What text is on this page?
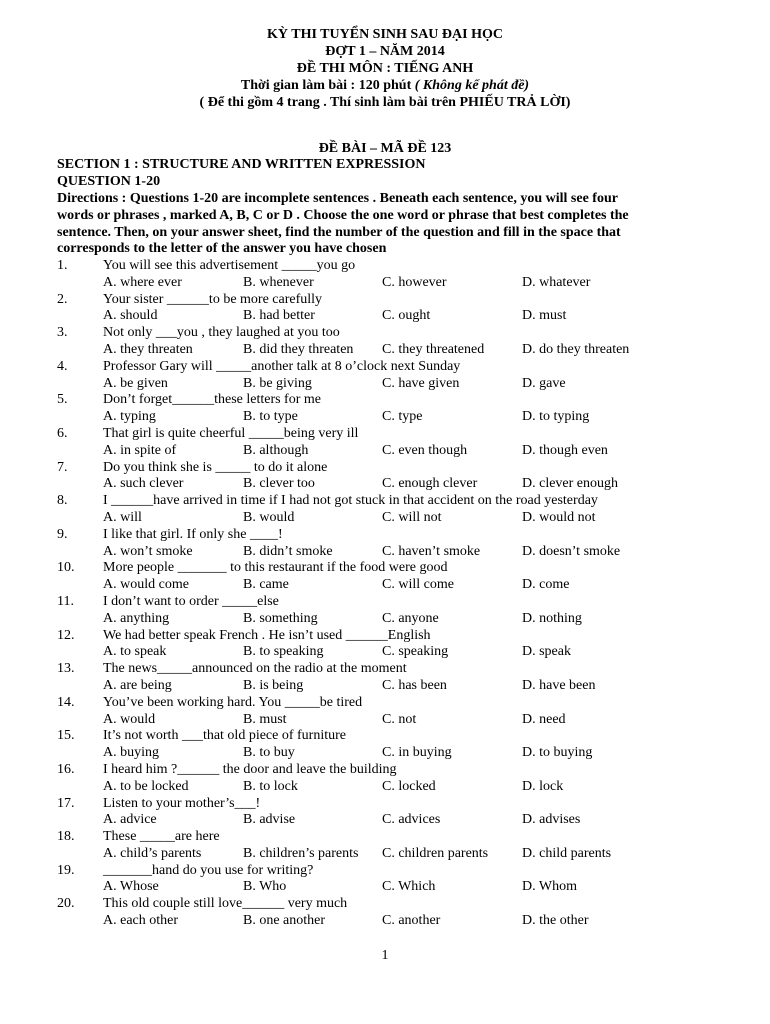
KỲ THI TUYỂN SINH SAU ĐẠI HỌC
ĐỢT 1 – NĂM 2014
ĐỀ THI MÔN : TIẾNG ANH
Thời gian làm bài : 120 phút ( Không kể phát đề)
( Để thi gồm 4 trang . Thí sinh làm bài trên PHIẾU TRẢ LỜI)
ĐỀ BÀI – MÃ ĐỀ 123
SECTION 1 : STRUCTURE AND WRITTEN EXPRESSION
QUESTION 1-20
Directions : Questions 1-20 are incomplete sentences . Beneath each sentence, you will see four
words or phrases , marked A, B, C or D . Choose the one word or phrase that best completes the
sentence. Then, on your answer sheet, find the number of the question and fill in the space that
corresponds to the letter of the answer you have chosen
1.	You will see this advertisement _____you go
A. where ever	B. whenever	C. however	D. whatever
2.	Your sister ______to be more carefully
A. should	B. had better	C. ought	D. must
3.	Not only ___you , they laughed at you too
A. they threaten	B. did they threaten C. they threatened	D. do they threaten
4.	Professor Gary will _____another talk at 8 o’clock next Sunday
A. be given	B. be giving	C. have given	D. gave
5.	Don’t forget______these letters for me
A. typing	B. to type	C. type	D. to typing
6.	That girl is quite cheerful _____being very ill
A. in spite of	B. although	C. even though	D. though even
7.	Do you think she is _____ to do it alone
A. such clever	B. clever too	C. enough clever	D. clever enough
8.	I ______have arrived in time if I had not got stuck in that accident on the road yesterday
A. will	B. would	C. will not	D. would not
9.	I like that girl. If only she ____!
A. won’t smoke	B. didn’t smoke	C. haven’t smoke	D. doesn’t smoke
10. More people _______ to this restaurant if the food were good
A. would come	B. came	C. will come	D. come
11. I don’t want to order _____else
A. anything	B. something	C. anyone	D. nothing
12. We had better speak French . He isn’t used ______English
A. to speak	B. to speaking	C. speaking	D. speak
13. The news_____announced on the radio at the moment
A. are being	B. is being	C. has been	D. have been
14. You’ve been working hard. You _____be tired
A. would	B. must	C. not	D. need
15. It’s not worth ___that old piece of furniture
A. buying	B. to buy	C. in buying	D. to buying
16. I heard him ?______ the door and leave the building
A. to be locked	B. to lock	C. locked	D. lock
17. Listen to your mother’s___!
A. advice	B. advise	C. advices	D. advises
18. These _____are here
A. child’s parents	B. children’s parents C. children parents D. child parents
19. _______hand do you use for writing?
A. Whose	B. Who	C. Which	D. Whom
20. This old couple still love______ very much
A. each other	B. one another	C. another	D. the other
1
